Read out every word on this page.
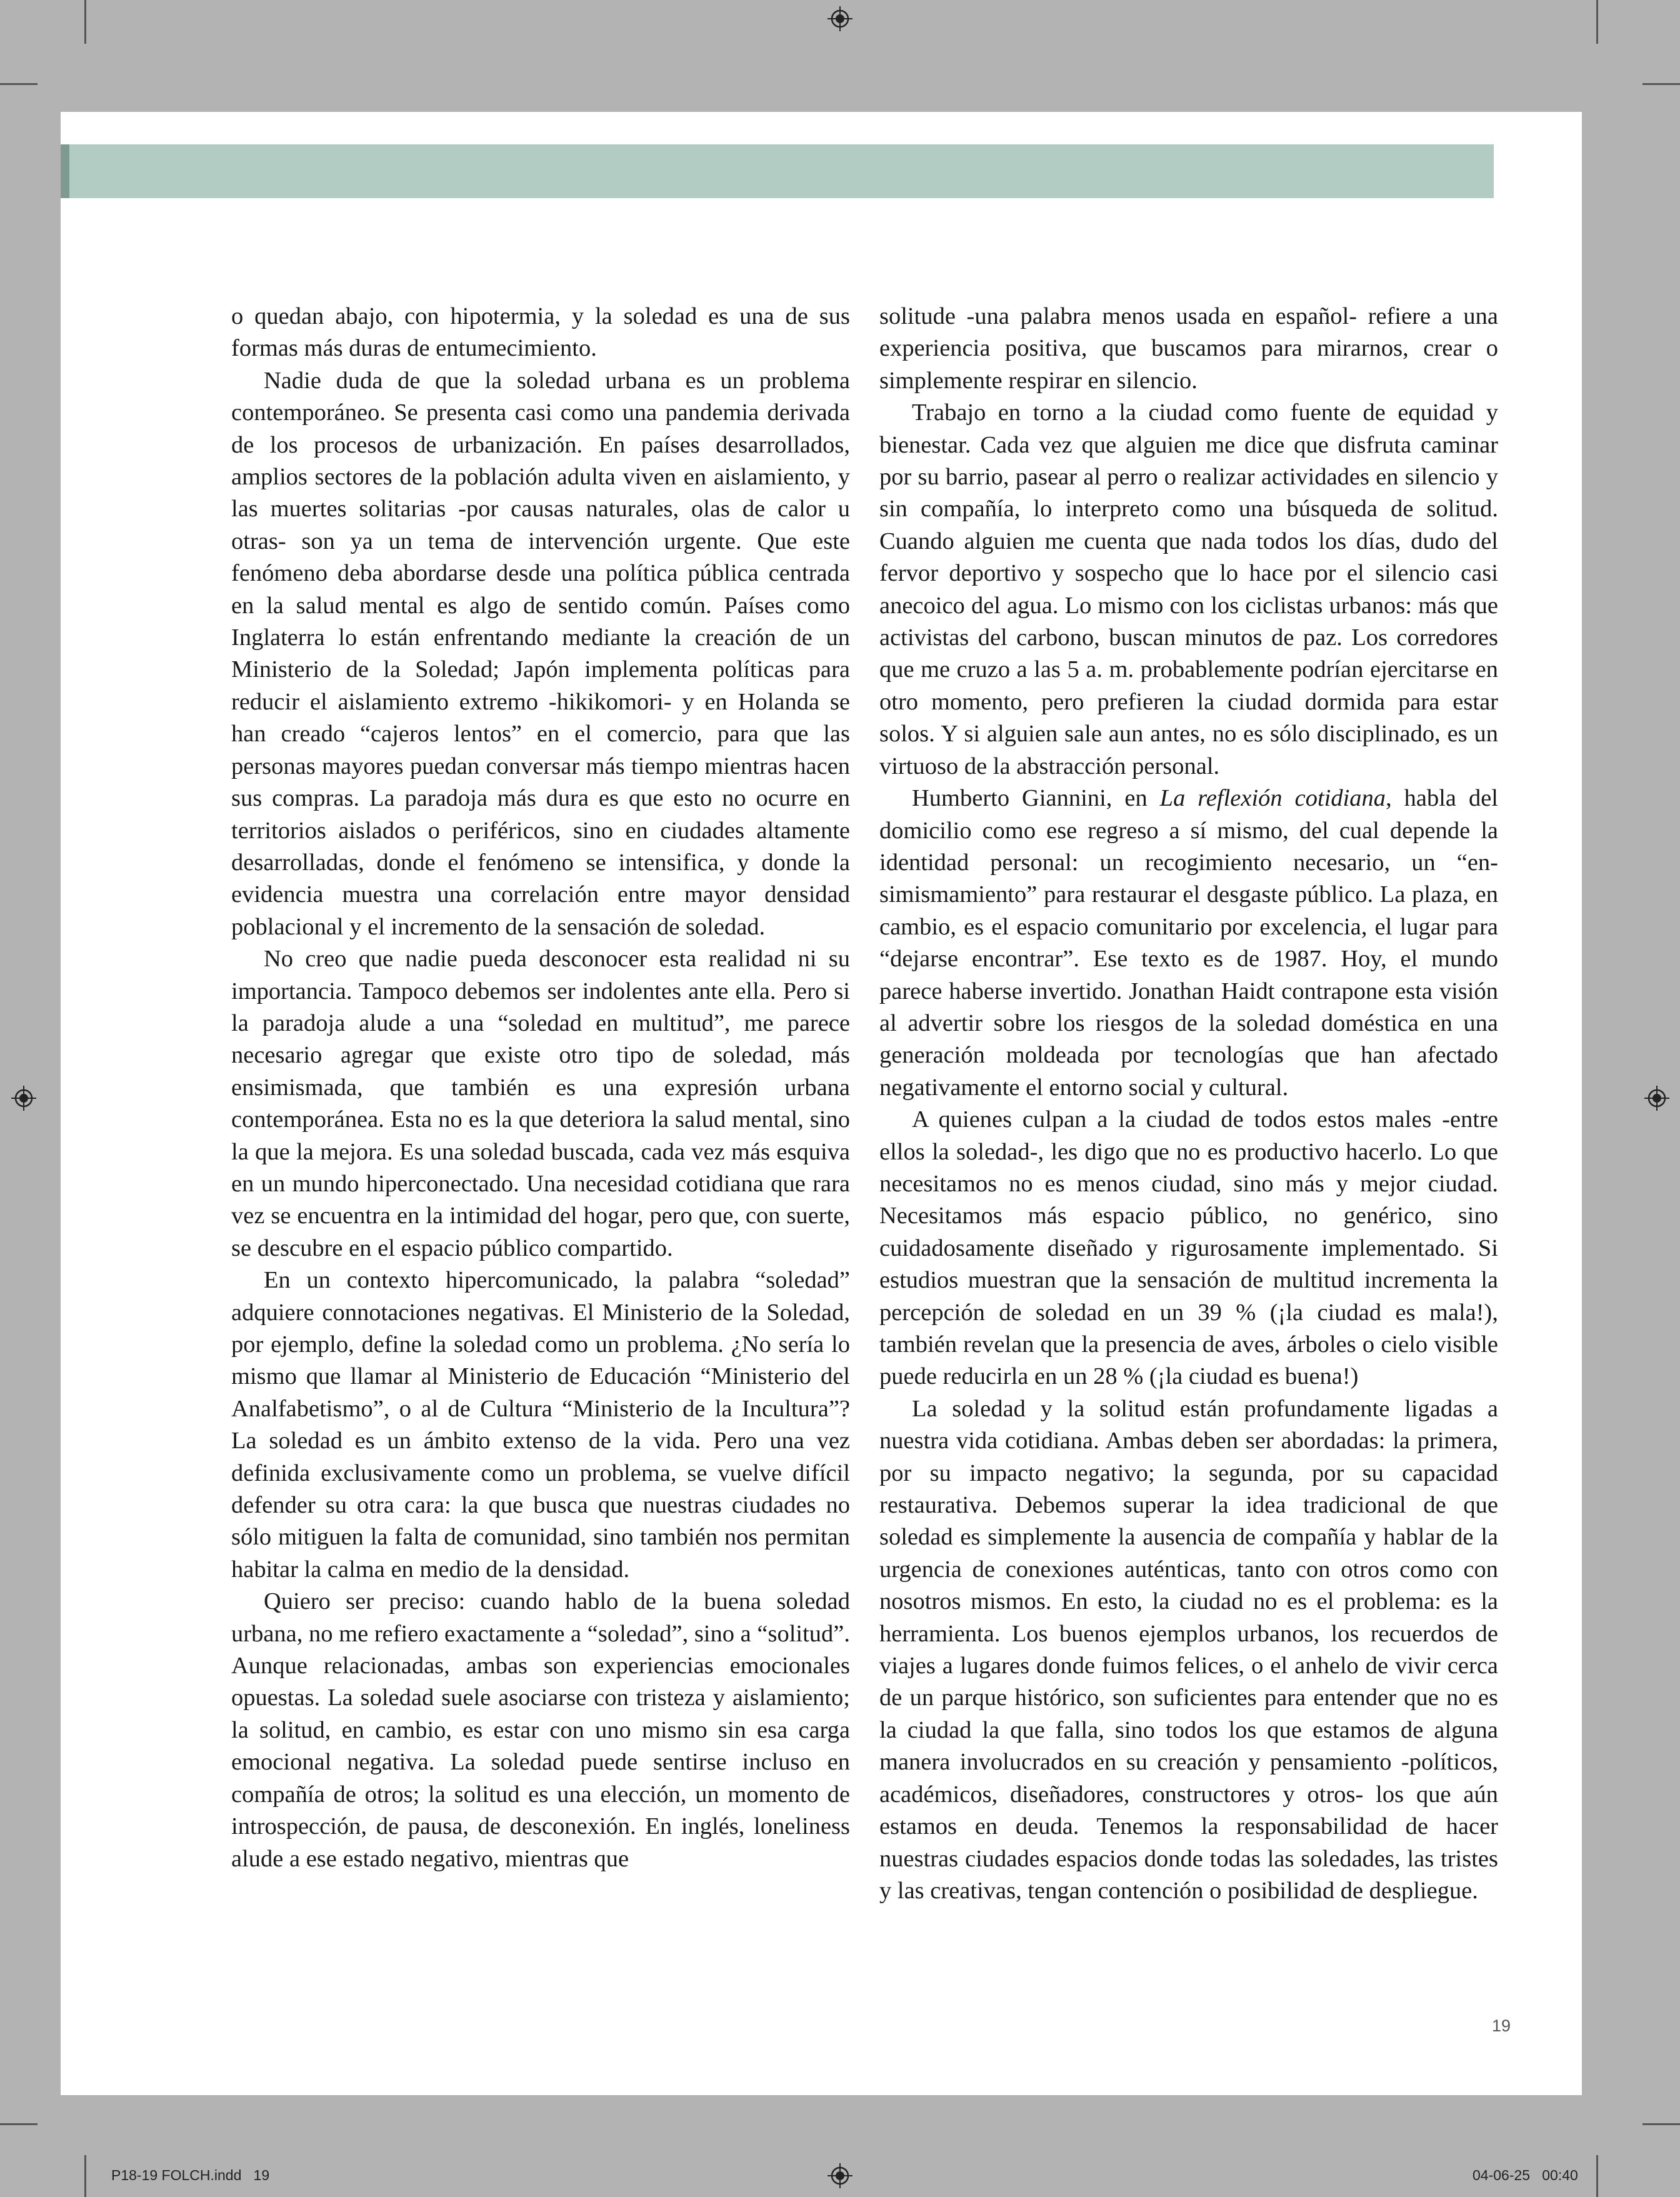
o quedan abajo, con hipotermia, y la soledad es una de sus formas más duras de entumecimiento.

Nadie duda de que la soledad urbana es un problema contemporáneo. Se presenta casi como una pandemia derivada de los procesos de urbanización. En países desarrollados, amplios sectores de la población adulta viven en aislamiento, y las muertes solitarias -por causas naturales, olas de calor u otras- son ya un tema de intervención urgente. Que este fenómeno deba abordarse desde una política pública centrada en la salud mental es algo de sentido común. Países como Inglaterra lo están enfrentando mediante la creación de un Ministerio de la Soledad; Japón implementa políticas para reducir el aislamiento extremo -hikikomori- y en Holanda se han creado “cajeros lentos” en el comercio, para que las personas mayores puedan conversar más tiempo mientras hacen sus compras. La paradoja más dura es que esto no ocurre en territorios aislados o periféricos, sino en ciudades altamente desarrolladas, donde el fenómeno se intensifica, y donde la evidencia muestra una correlación entre mayor densidad poblacional y el incremento de la sensación de soledad.

No creo que nadie pueda desconocer esta realidad ni su importancia. Tampoco debemos ser indolentes ante ella. Pero si la paradoja alude a una “soledad en multitud”, me parece necesario agregar que existe otro tipo de soledad, más ensimismada, que también es una expresión urbana contemporánea. Esta no es la que deteriora la salud mental, sino la que la mejora. Es una soledad buscada, cada vez más esquiva en un mundo hiperconectado. Una necesidad cotidiana que rara vez se encuentra en la intimidad del hogar, pero que, con suerte, se descubre en el espacio público compartido.

En un contexto hipercomunicado, la palabra “soledad” adquiere connotaciones negativas. El Ministerio de la Soledad, por ejemplo, define la soledad como un problema. ¿No sería lo mismo que llamar al Ministerio de Educación “Ministerio del Analfabetismo”, o al de Cultura “Ministerio de la Incultura”? La soledad es un ámbito extenso de la vida. Pero una vez definida exclusivamente como un problema, se vuelve difícil defender su otra cara: la que busca que nuestras ciudades no sólo mitiguen la falta de comunidad, sino también nos permitan habitar la calma en medio de la densidad.

Quiero ser preciso: cuando hablo de la buena soledad urbana, no me refiero exactamente a “soledad”, sino a “solitud”. Aunque relacionadas, ambas son experiencias emocionales opuestas. La soledad suele asociarse con tristeza y aislamiento; la solitud, en cambio, es estar con uno mismo sin esa carga emocional negativa. La soledad puede sentirse incluso en compañía de otros; la solitud es una elección, un momento de introspección, de pausa, de desconexión. En inglés, loneliness alude a ese estado negativo, mientras que

solitude -una palabra menos usada en español- refiere a una experiencia positiva, que buscamos para mirarnos, crear o simplemente respirar en silencio.

Trabajo en torno a la ciudad como fuente de equidad y bienestar. Cada vez que alguien me dice que disfruta caminar por su barrio, pasear al perro o realizar actividades en silencio y sin compañía, lo interpreto como una búsqueda de solitud. Cuando alguien me cuenta que nada todos los días, dudo del fervor deportivo y sospecho que lo hace por el silencio casi anecoico del agua. Lo mismo con los ciclistas urbanos: más que activistas del carbono, buscan minutos de paz. Los corredores que me cruzo a las 5 a. m. probablemente podrían ejercitarse en otro momento, pero prefieren la ciudad dormida para estar solos. Y si alguien sale aun antes, no es sólo disciplinado, es un virtuoso de la abstracción personal.

Humberto Giannini, en La reflexión cotidiana, habla del domicilio como ese regreso a sí mismo, del cual depende la identidad personal: un recogimiento necesario, un “ensimismamiento” para restaurar el desgaste público. La plaza, en cambio, es el espacio comunitario por excelencia, el lugar para “dejarse encontrar”. Ese texto es de 1987. Hoy, el mundo parece haberse invertido. Jonathan Haidt contrapone esta visión al advertir sobre los riesgos de la soledad doméstica en una generación moldeada por tecnologías que han afectado negativamente el entorno social y cultural.

A quienes culpan a la ciudad de todos estos males -entre ellos la soledad-, les digo que no es productivo hacerlo. Lo que necesitamos no es menos ciudad, sino más y mejor ciudad. Necesitamos más espacio público, no genérico, sino cuidadosamente diseñado y rigurosamente implementado. Si estudios muestran que la sensación de multitud incrementa la percepción de soledad en un 39 % (¡la ciudad es mala!), también revelan que la presencia de aves, árboles o cielo visible puede reducirla en un 28 % (¡la ciudad es buena!)

La soledad y la solitud están profundamente ligadas a nuestra vida cotidiana. Ambas deben ser abordadas: la primera, por su impacto negativo; la segunda, por su capacidad restaurativa. Debemos superar la idea tradicional de que soledad es simplemente la ausencia de compañía y hablar de la urgencia de conexiones auténticas, tanto con otros como con nosotros mismos. En esto, la ciudad no es el problema: es la herramienta. Los buenos ejemplos urbanos, los recuerdos de viajes a lugares donde fuimos felices, o el anhelo de vivir cerca de un parque histórico, son suficientes para entender que no es la ciudad la que falla, sino todos los que estamos de alguna manera involucrados en su creación y pensamiento -políticos, académicos, diseñadores, constructores y otros- los que aún estamos en deuda. Tenemos la responsabilidad de hacer nuestras ciudades espacios donde todas las soledades, las tristes y las creativas, tengan contención o posibilidad de despliegue.

19
P18-19 FOLCH.indd   19	04-06-25   00:40
